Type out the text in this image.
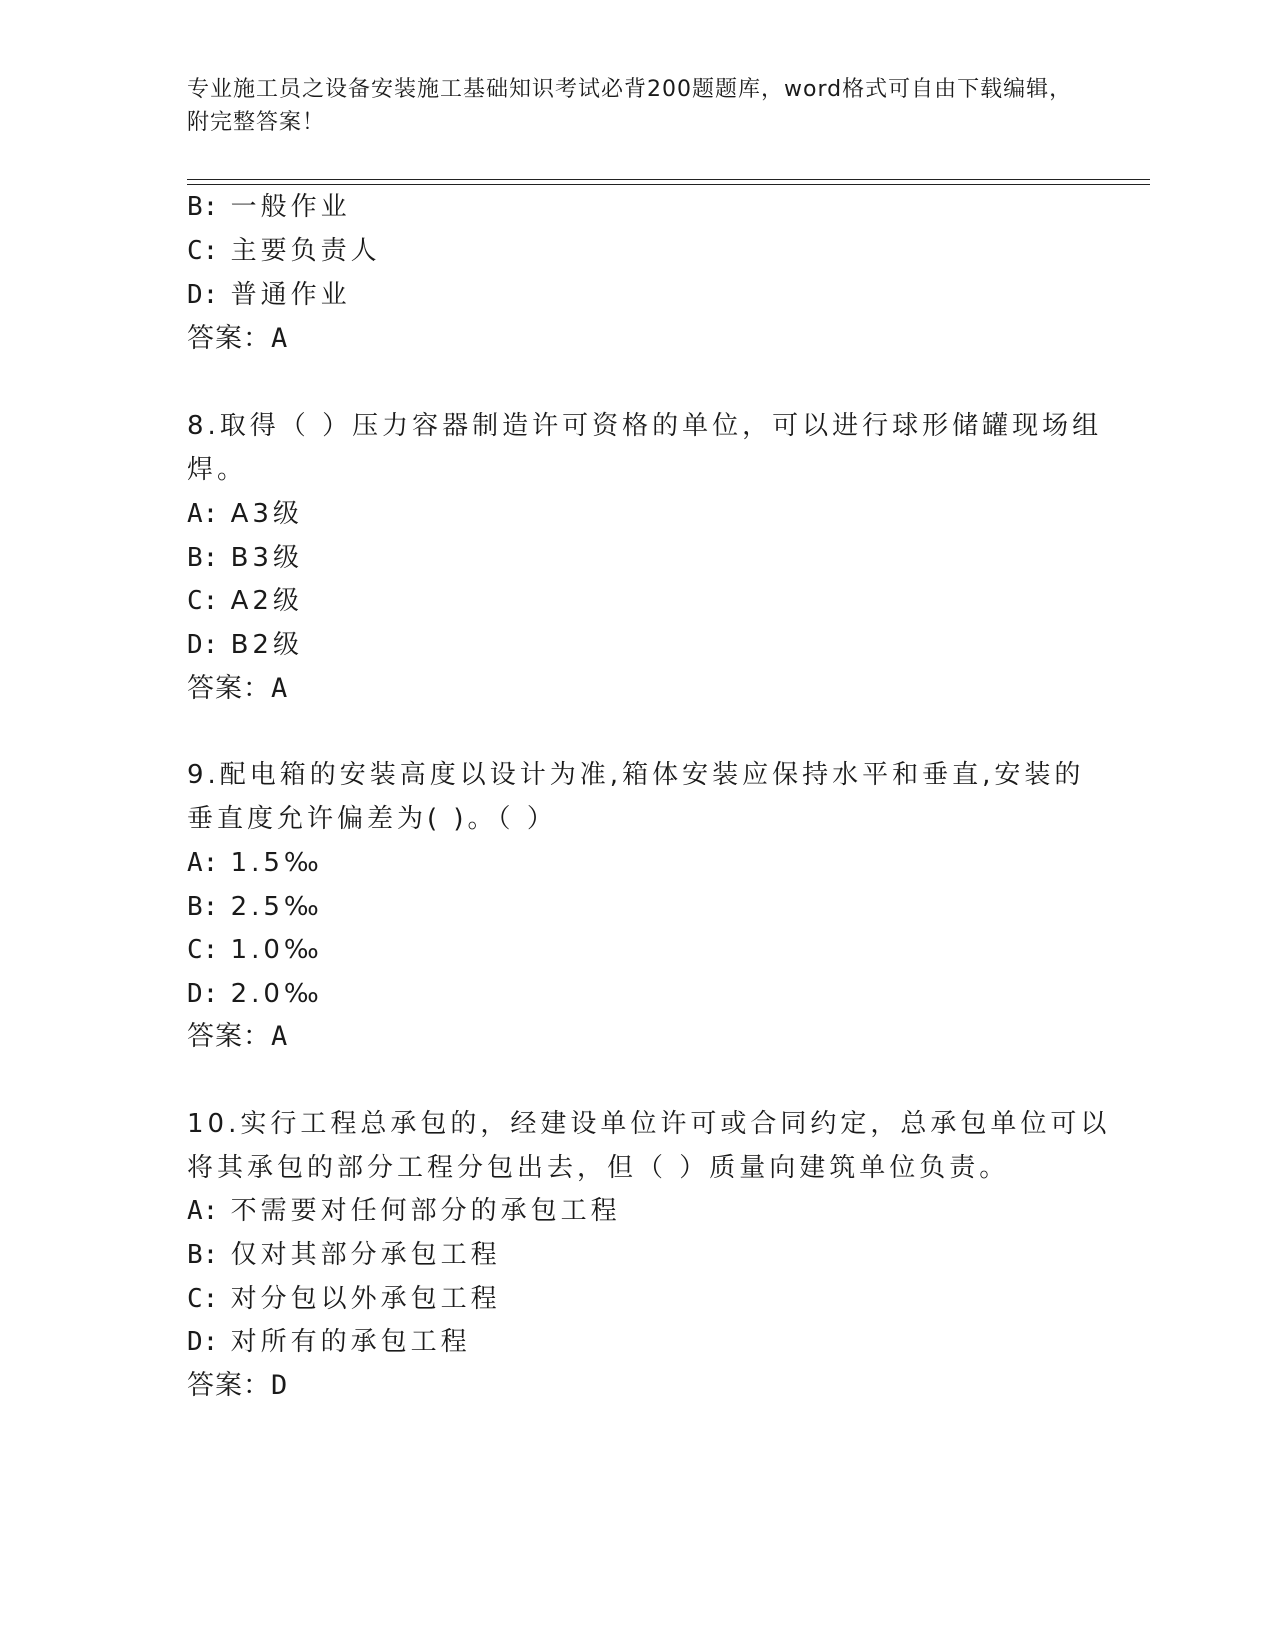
专业施工员之设备安装施工基础知识考试必背200题题库，word格式可自由下载编辑，附完整答案！
B: 一般作业
C: 主要负责人
D: 普通作业
答案：A
8.取得（ ）压力容器制造许可资格的单位，可以进行球形储罐现场组
焊。
A: A3级
B: B3级
C: A2级
D: B2级
答案：A
9.配电箱的安装高度以设计为准,箱体安装应保持水平和垂直,安装的
垂直度允许偏差为( )。（ ）
A: 1.5‰
B: 2.5‰
C: 1.0‰
D: 2.0‰
答案：A
10.实行工程总承包的，经建设单位许可或合同约定，总承包单位可以
将其承包的部分工程分包出去，但（ ）质量向建筑单位负责。
A: 不需要对任何部分的承包工程
B: 仅对其部分承包工程
C: 对分包以外承包工程
D: 对所有的承包工程
答案：D
